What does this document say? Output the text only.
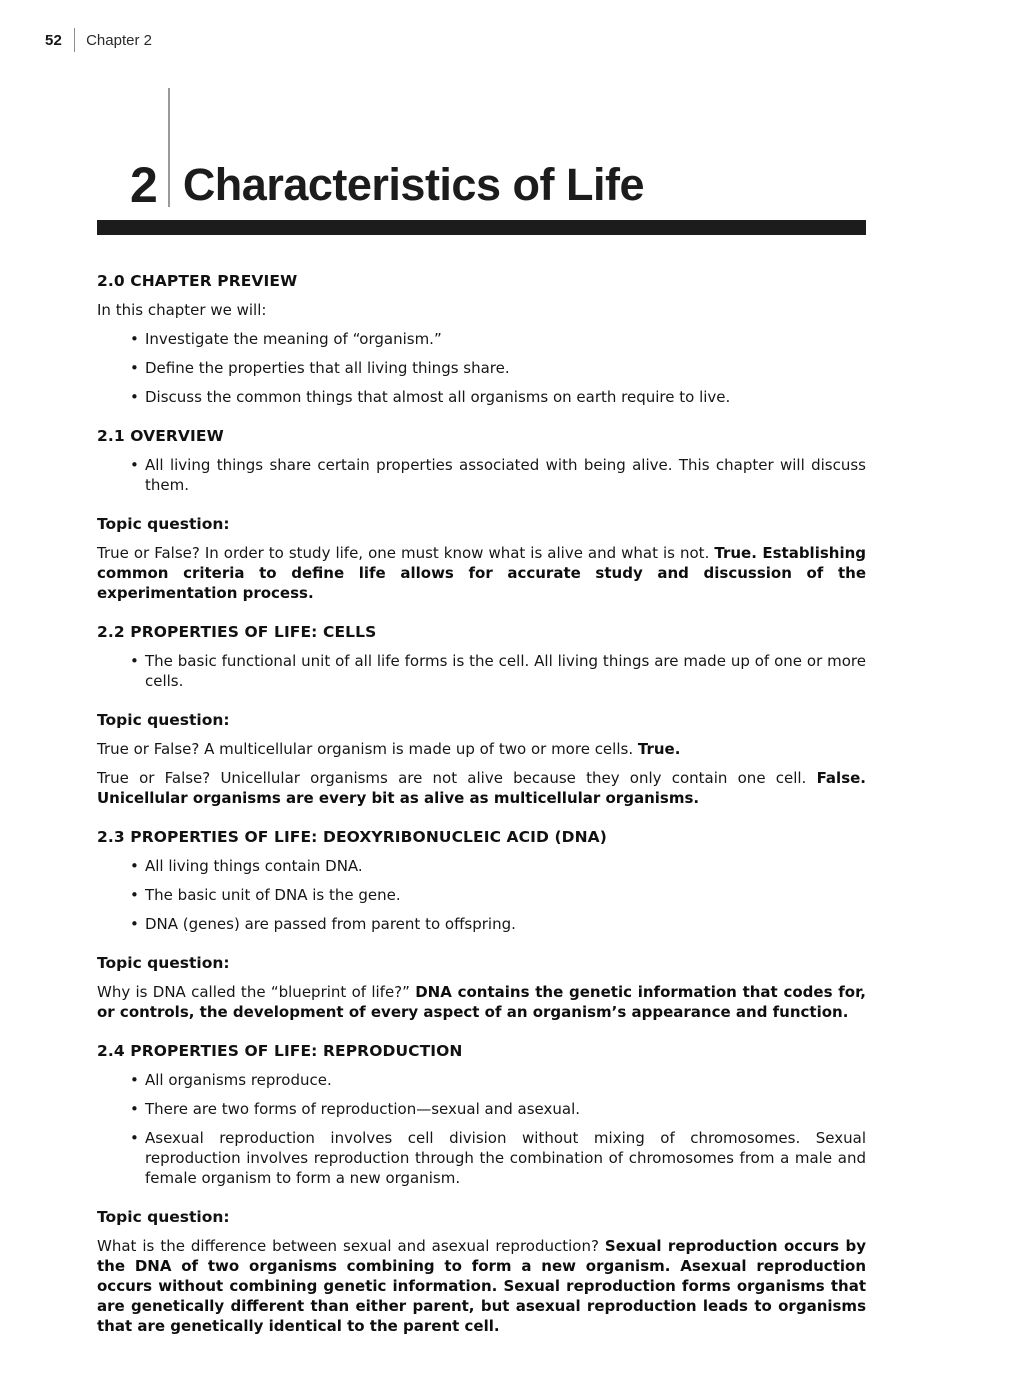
52 Chapter 2
2 Characteristics of Life
2.0 CHAPTER PREVIEW

In this chapter we will:

• Investigate the meaning of “organism.”
• Define the properties that all living things share.
• Discuss the common things that almost all organisms on earth require to live.
2.1 OVERVIEW
• All living things share certain properties associated with being alive. This chapter will discuss them.

Topic question:

True or False? In order to study life, one must know what is alive and what is not. True. Establishing common criteria to define life allows for accurate study and discussion of the experimentation process.

2.2 PROPERTIES OF LIFE: CELLS
• The basic functional unit of all life forms is the cell. All living things are made up of one or more cells.

Topic question:

True or False? A multicellular organism is made up of two or more cells. True.

True or False? Unicellular organisms are not alive because they only contain one cell. False. Unicellular organisms are every bit as alive as multicellular organisms.

2.3 PROPERTIES OF LIFE: DEOXYRIBONUCLEIC ACID (DNA)
• All living things contain DNA.
• The basic unit of DNA is the gene.
• DNA (genes) are passed from parent to offspring.

Topic question:

Why is DNA called the “blueprint of life?” DNA contains the genetic information that codes for, or controls, the development of every aspect of an organism’s appearance and function.

2.4 PROPERTIES OF LIFE: REPRODUCTION
• All organisms reproduce.
• There are two forms of reproduction—sexual and asexual.
• Asexual reproduction involves cell division without mixing of chromosomes. Sexual reproduction involves reproduction through the combination of chromosomes from a male and female organism to form a new organism.

Topic question:

What is the difference between sexual and asexual reproduction? Sexual reproduction occurs by the DNA of two organisms combining to form a new organism. Asexual reproduction occurs without combining genetic information. Sexual reproduction forms organisms that are genetically different than either parent, but asexual reproduction leads to organisms that are genetically identical to the parent cell.
